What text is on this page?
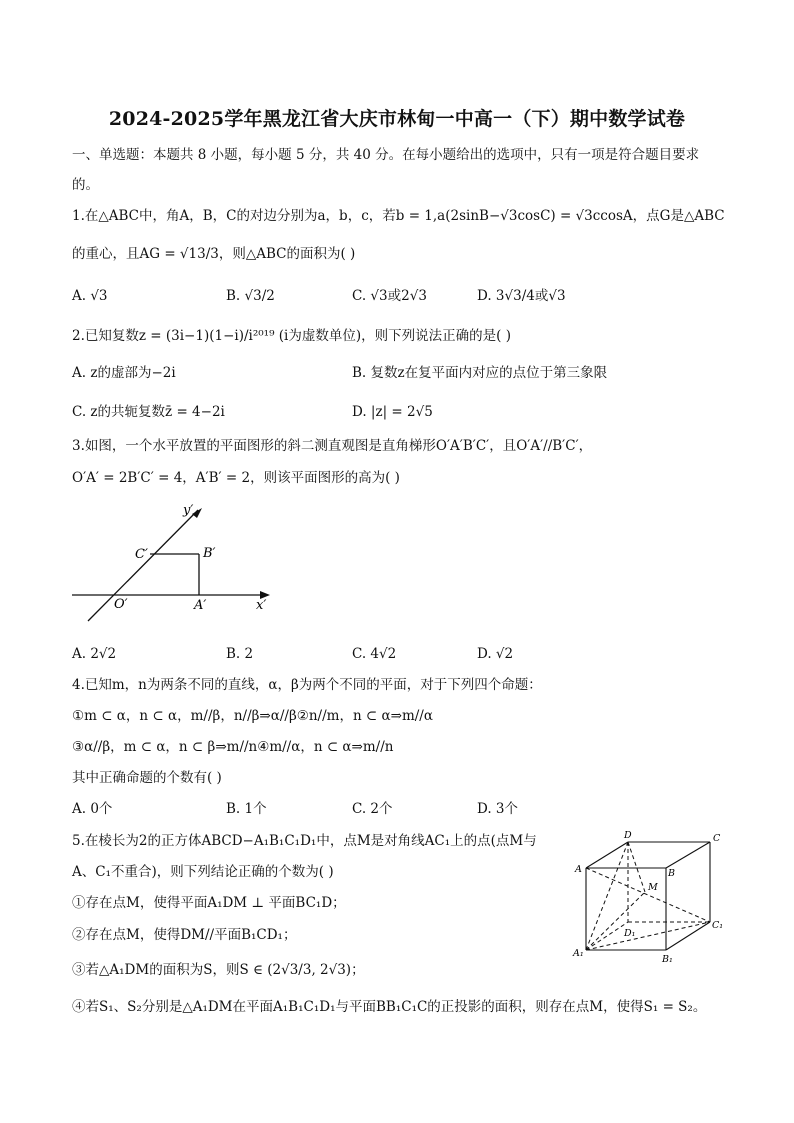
2024-2025学年黑龙江省大庆市林甸一中高一（下）期中数学试卷
一、单选题：本题共 8 小题，每小题 5 分，共 40 分。在每小题给出的选项中，只有一项是符合题目要求
的。
1.在△ABC中，角A，B，C的对边分别为a，b，c，若b = 1,a(2sinB−√3cosC) = √3ccosA，点G是△ABC
的重心，且AG = √13/3，则△ABC的面积为( )
A. √3	B. √3/2	C. √3或2√3	D. 3√3/4或√3
2.已知复数z = (3i−1)(1−i)/i²⁰¹⁹ (i为虚数单位)，则下列说法正确的是( )
A. z的虚部为−2i	B. 复数z在复平面内对应的点位于第三象限
C. z的共轭复数z̄ = 4−2i	D. |z| = 2√5
3.如图，一个水平放置的平面图形的斜二测直观图是直角梯形O′A′B′C′，且O′A′//B′C′，
O′A′ = 2B′C′ = 4，A′B′ = 2，则该平面图形的高为( )
y′
x′
O′	A′
B′
C′
A. 2√2	B. 2	C. 4√2	D. √2
4.已知m，n为两条不同的直线，α，β为两个不同的平面，对于下列四个命题：
①m ⊂ α，n ⊂ α，m//β，n//β⇒α//β②n//m，n ⊂ α⇒m//α
③α//β，m ⊂ α，n ⊂ β⇒m//n④m//α，n ⊂ α⇒m//n
其中正确命题的个数有( )
A. 0个	B. 1个	C. 2个	D. 3个
5.在棱长为2的正方体ABCD−A₁B₁C₁D₁中，点M是对角线AC₁上的点(点M与
A、C₁不重合)，则下列结论正确的个数为( )
①存在点M，使得平面A₁DM ⊥ 平面BC₁D；
②存在点M，使得DM//平面B₁CD₁；
③若△A₁DM的面积为S，则S ∈ (2√3/3, 2√3)；
④若S₁、S₂分别是△A₁DM在平面A₁B₁C₁D₁与平面BB₁C₁C的正投影的面积，则存在点M，使得S₁ = S₂。
D	C
A	B
M
D₁
C₁
A₁
B₁
